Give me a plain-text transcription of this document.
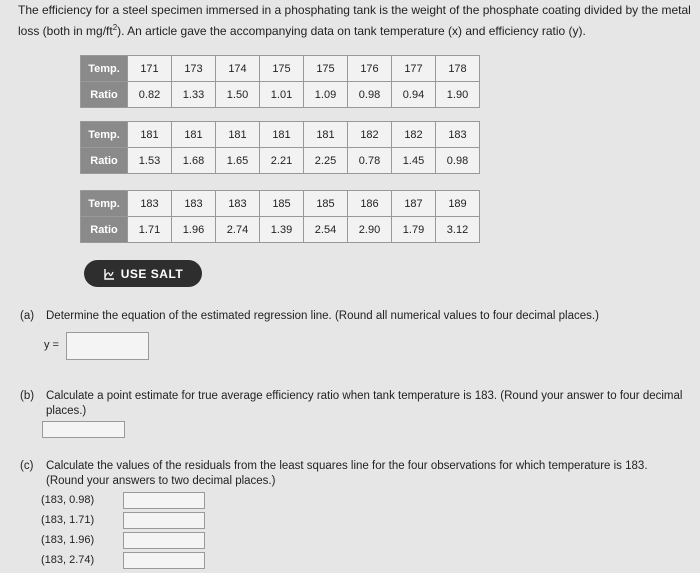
The efficiency for a steel specimen immersed in a phosphating tank is the weight of the phosphate coating divided by the metal loss (both in $mg/ft^2$). An article gave the accompanying data on tank temperature (x) and efficiency ratio (y).
Temp.	171	173	174	175	175	176	177	178
Ratio	0.82	1.33	1.50	1.01	1.09	0.98	0.94	1.90
Temp.	181	181	181	181	181	182	182	183
Ratio	1.53	1.68	1.65	2.21	2.25	0.78	1.45	0.98
Temp.	183	183	183	185	185	186	187	189
Ratio	1.71	1.96	2.74	1.39	2.54	2.90	1.79	3.12
USE SALT
(a) Determine the equation of the estimated regression line. (Round all numerical values to four decimal places.)
y =
(b) Calculate a point estimate for true average efficiency ratio when tank temperature is 183. (Round your answer to four decimal places.)
(c) Calculate the values of the residuals from the least squares line for the four observations for which temperature is 183. (Round your answers to two decimal places.)
(183, 0.98)
(183, 1.71)
(183, 1.96)
(183, 2.74)
